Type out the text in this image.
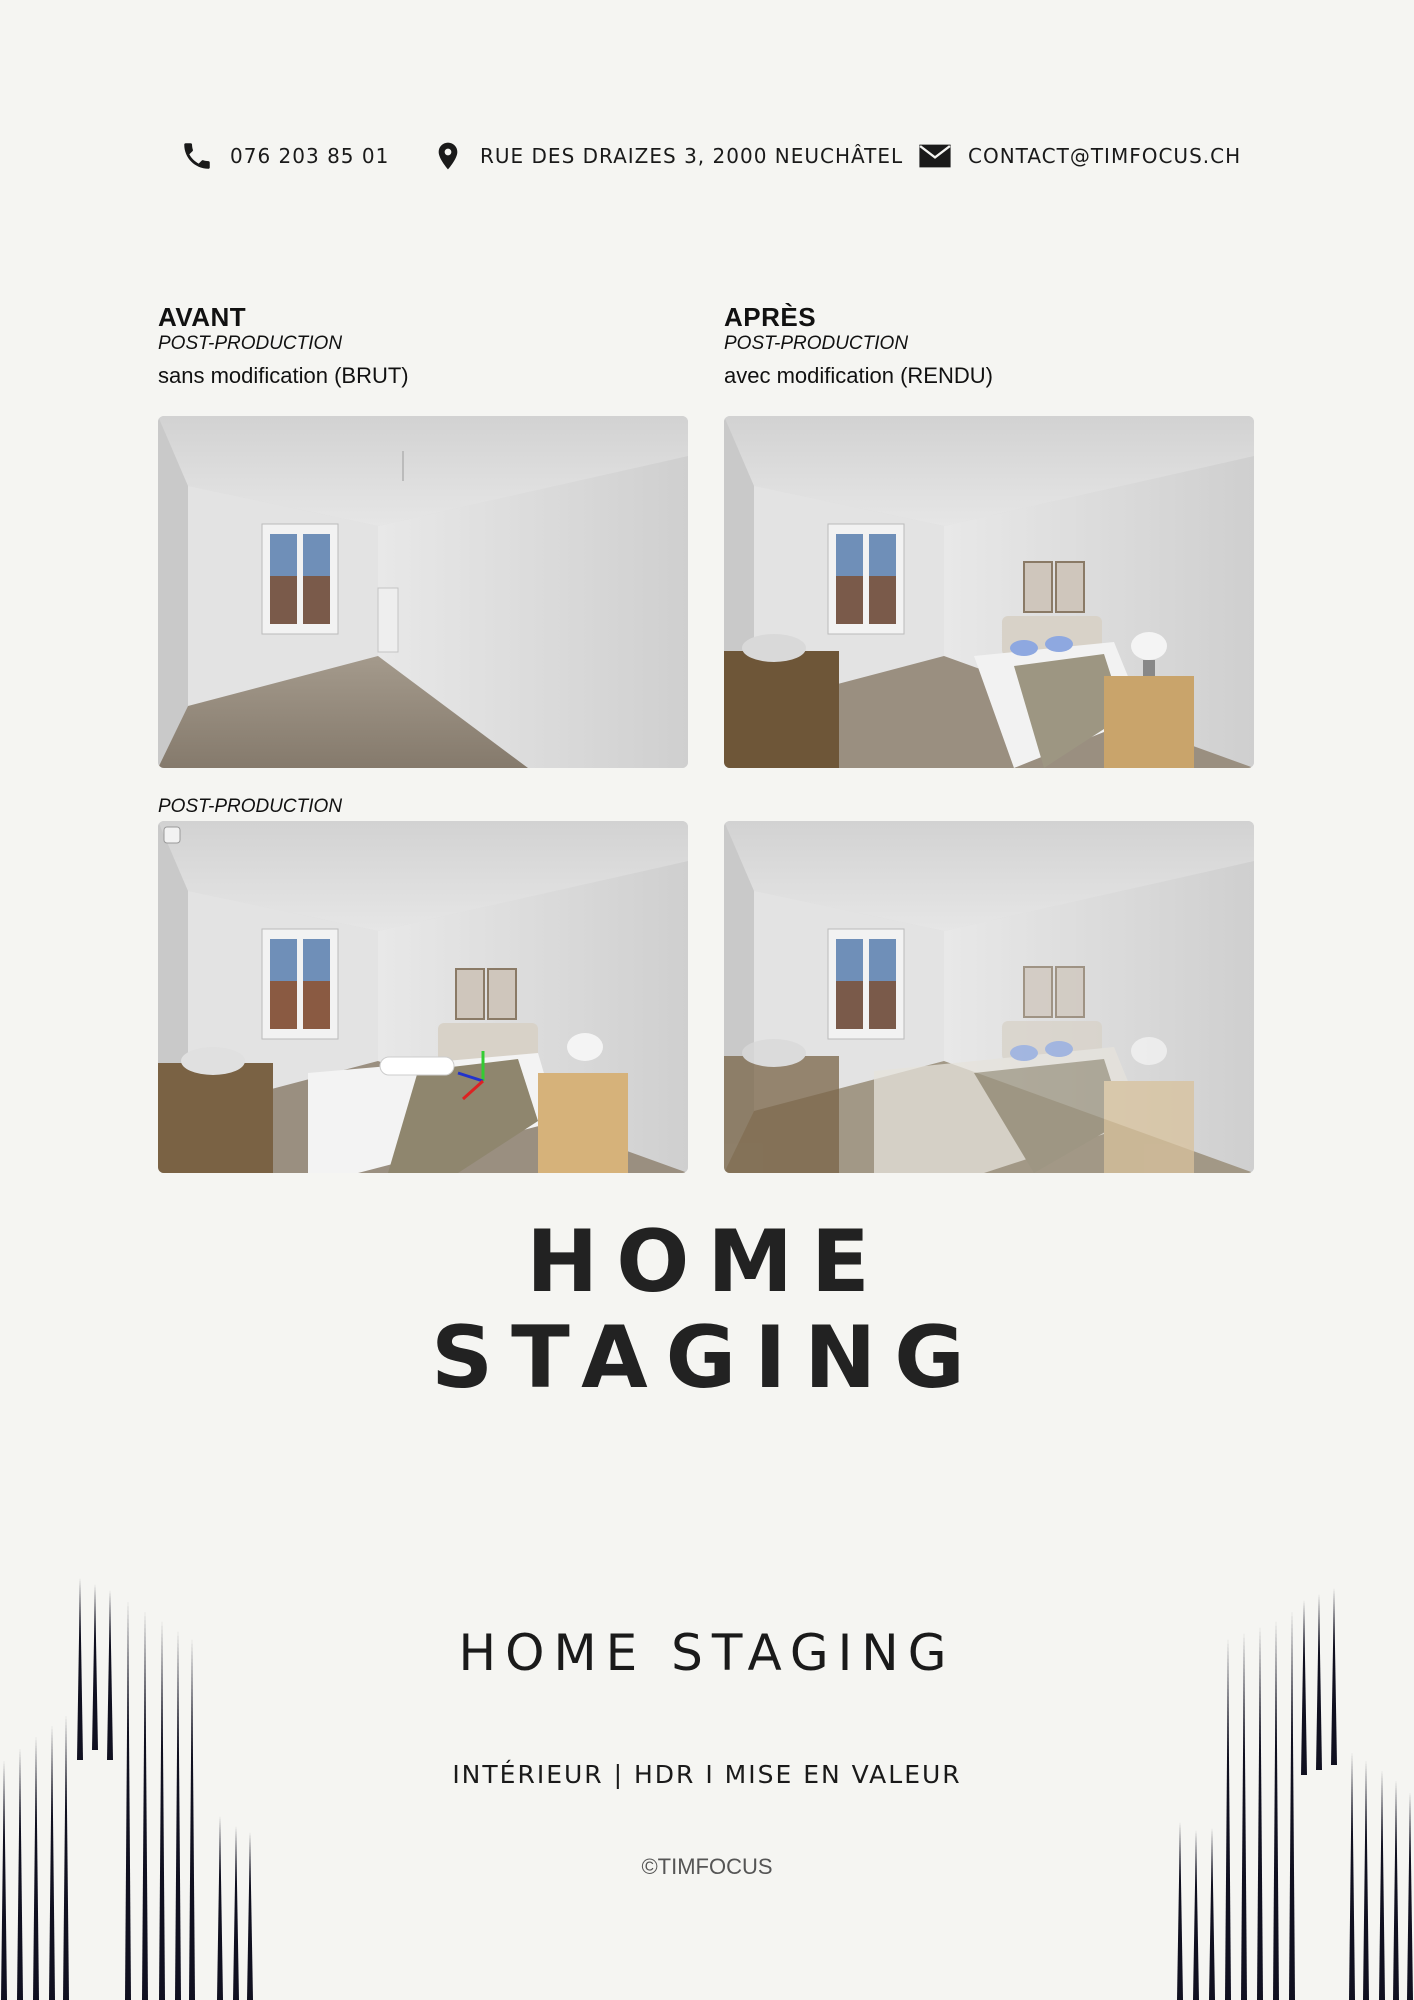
076 203 85 01	RUE DES DRAIZES 3, 2000 NEUCHÂTEL	CONTACT@TIMFOCUS.CH
AVANT
POST-PRODUCTION
sans modification (BRUT)
APRÈS
POST-PRODUCTION
avec modification (RENDU)
POST-PRODUCTION
HOME
STAGING
HOME STAGING
INTÉRIEUR | HDR I MISE EN VALEUR
©TIMFOCUS
